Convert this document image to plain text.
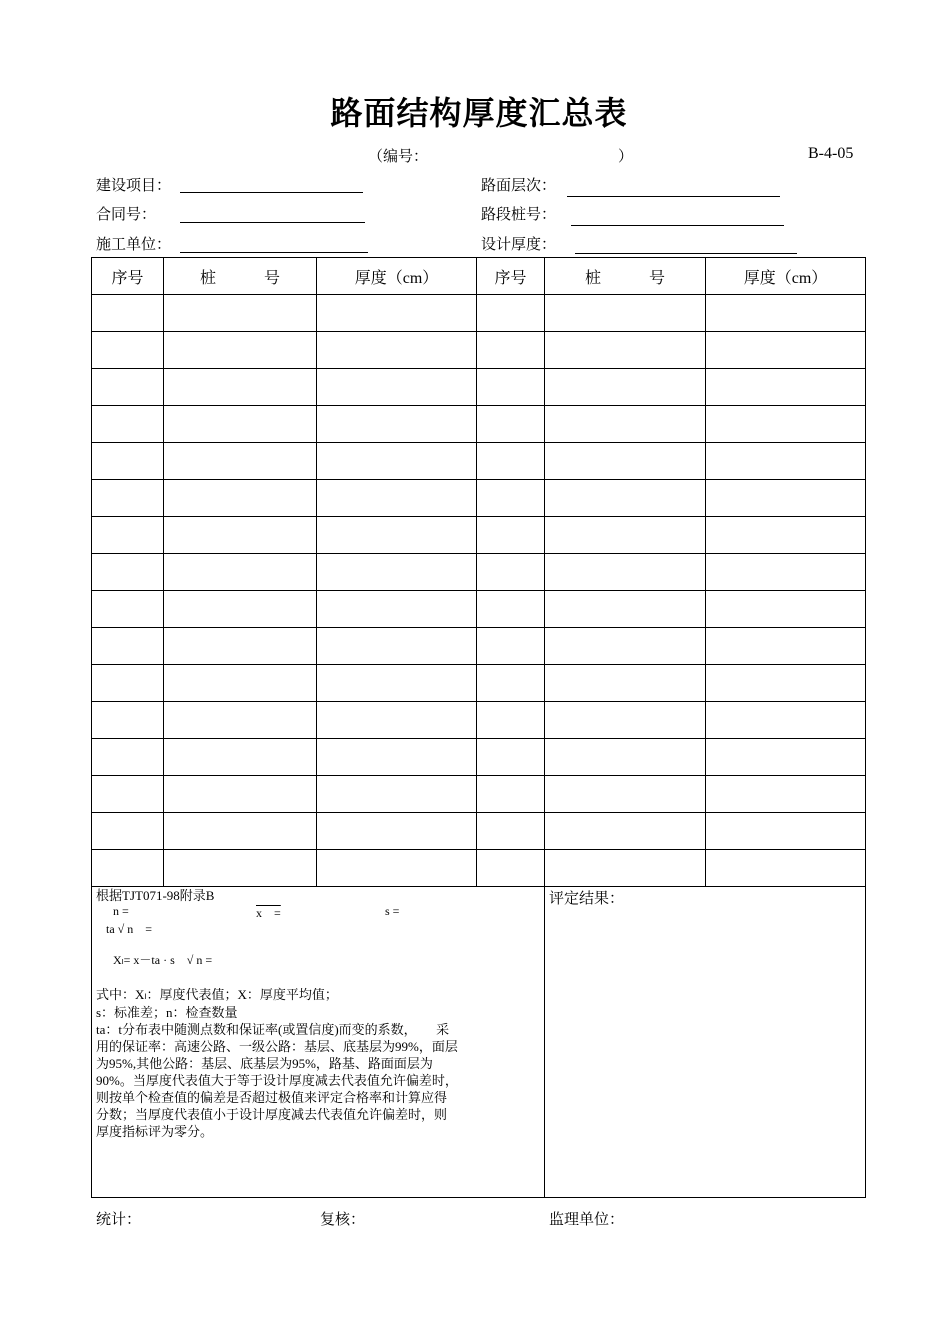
路面结构厚度汇总表
（编号：	）	B-4-05
建设项目：	路面层次：
合同号：	路段桩号：
施工单位：	设计厚度：
序号	桩　　　号	厚度（cm）	序号	桩　　　号	厚度（cm）

根据TJT071-98附录B
n =	x　=	s =
ta √ n　=
Xₗ= x－ta · s　√ n =
式中：Xₗ：厚度代表值；X：厚度平均值；
s：标准差；n：检查数量
ta：t分布表中随测点数和保证率(或置信度)而变的系数，　　采
用的保证率：高速公路、一级公路：基层、底基层为99%，面层
为95%,其他公路：基层、底基层为95%，路基、路面面层为
90%。当厚度代表值大于等于设计厚度减去代表值允许偏差时，
则按单个检查值的偏差是否超过极值来评定合格率和计算应得
分数；当厚度代表值小于设计厚度减去代表值允许偏差时，则
厚度指标评为零分。
评定结果：
统计：	复核：	监理单位：
